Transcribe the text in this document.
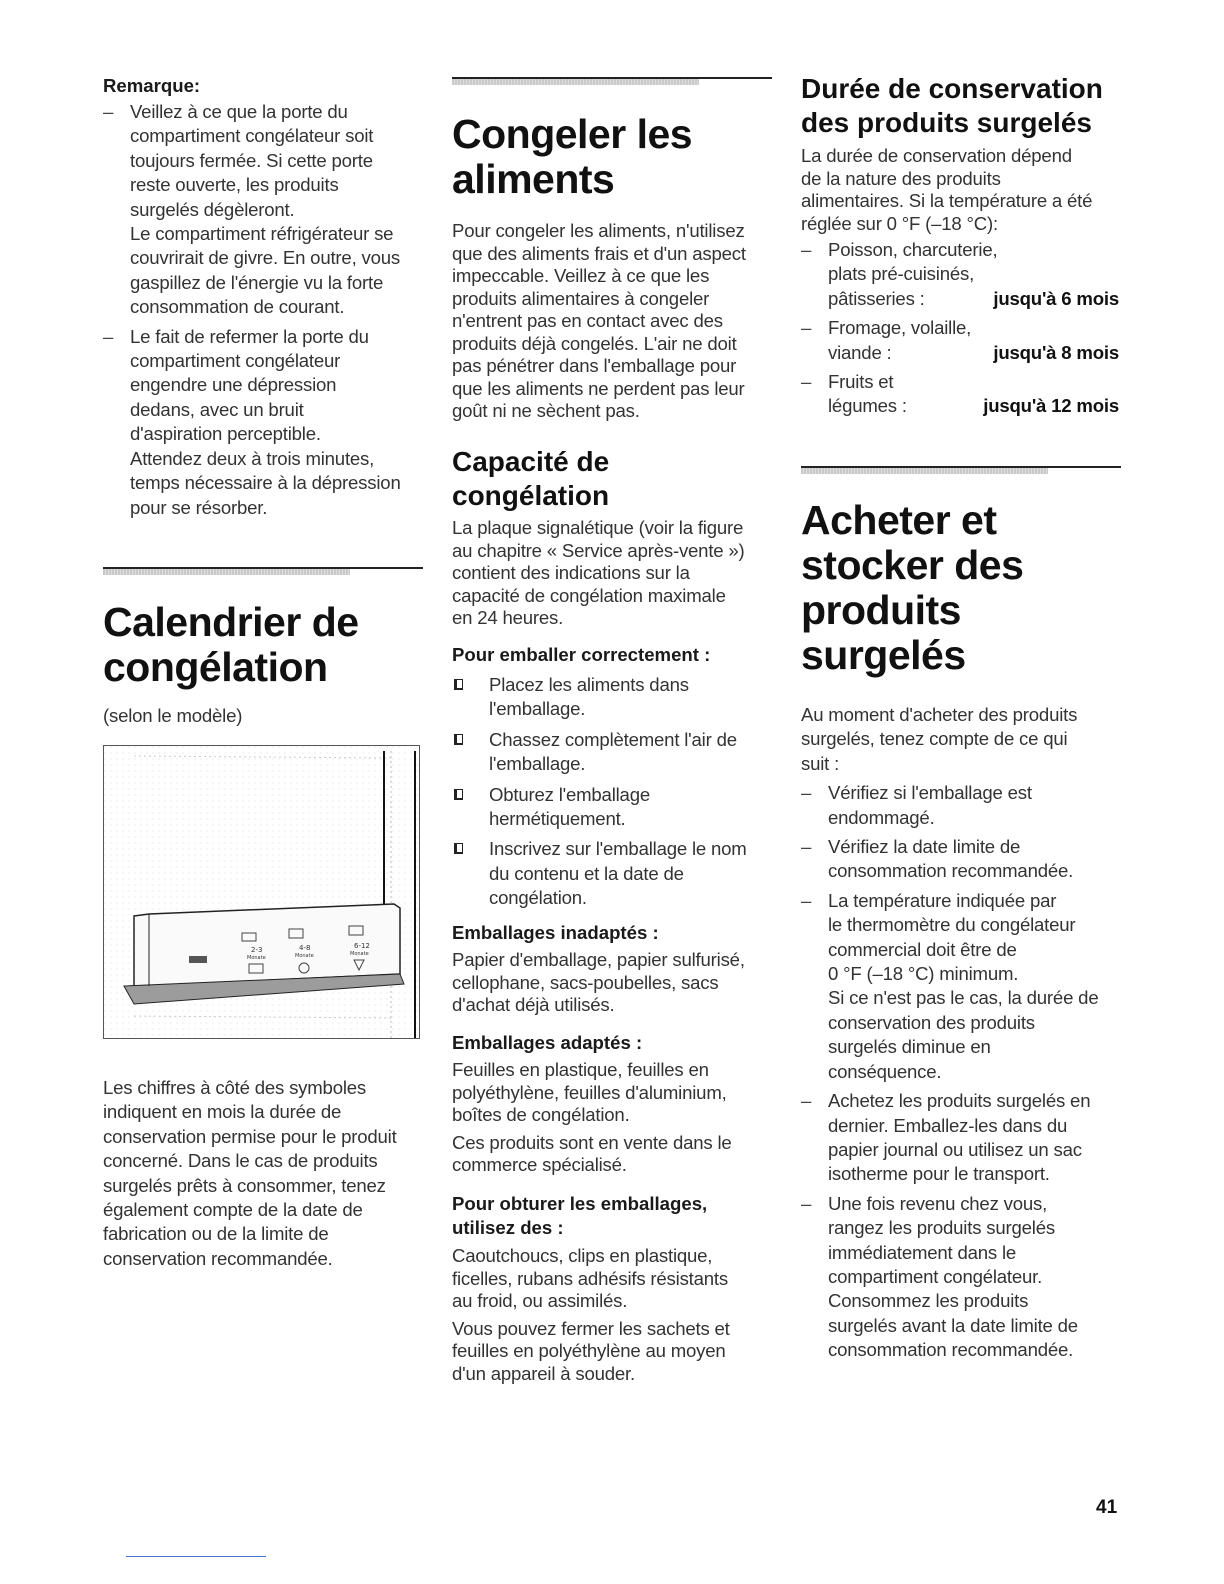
Remarque:

– Veillez à ce que la porte du
compartiment congélateur soit
toujours fermée. Si cette porte
reste ouverte, les produits
surgelés dégèleront.
Le compartiment réfrigérateur se
couvrirait de givre. En outre, vous
gaspillez de l'énergie vu la forte
consommation de courant.
– Le fait de refermer la porte du
compartiment congélateur
engendre une dépression
dedans, avec un bruit
d'aspiration perceptible.
Attendez deux à trois minutes,
temps nécessaire à la dépression
pour se résorber.
Calendrier de
congélation

(selon le modèle)

2-3
Monate
4-8
Monate
6-12
Monate

Les chiffres à côté des symboles
indiquent en mois la durée de
conservation permise pour le produit
concerné. Dans le cas de produits
surgelés prêts à consommer, tenez
également compte de la date de
fabrication ou de la limite de
conservation recommandée.

Congeler les
aliments

Pour congeler les aliments, n'utilisez
que des aliments frais et d'un aspect
impeccable. Veillez à ce que les
produits alimentaires à congeler
n'entrent pas en contact avec des
produits déjà congelés. L'air ne doit
pas pénétrer dans l'emballage pour
que les aliments ne perdent pas leur
goût ni ne sèchent pas.

Capacité de
congélation

La plaque signalétique (voir la figure
au chapitre « Service après-vente »)
contient des indications sur la
capacité de congélation maximale
en 24 heures.

Pour emballer correctement :

Placez les aliments dans
l'emballage.
Chassez complètement l'air de
l'emballage.
Obturez l'emballage
hermétiquement.
Inscrivez sur l'emballage le nom
du contenu et la date de
congélation.

Emballages inadaptés :

Papier d'emballage, papier sulfurisé,
cellophane, sacs-poubelles, sacs
d'achat déjà utilisés.

Emballages adaptés :

Feuilles en plastique, feuilles en
polyéthylène, feuilles d'aluminium,
boîtes de congélation.

Ces produits sont en vente dans le
commerce spécialisé.

Pour obturer les emballages,
utilisez des :

Caoutchoucs, clips en plastique,
ficelles, rubans adhésifs résistants
au froid, ou assimilés.

Vous pouvez fermer les sachets et
feuilles en polyéthylène au moyen
d'un appareil à souder.

Durée de conservation
des produits surgelés

La durée de conservation dépend
de la nature des produits
alimentaires. Si la température a été
réglée sur 0 °F (–18 °C):

– Poisson, charcuterie,
plats pré-cuisinés,
pâtisseries :	jusqu'à 6 mois
– Fromage, volaille,
viande :	jusqu'à 8 mois
– Fruits et
légumes :	jusqu'à 12 mois
Acheter et
stocker des
produits
surgelés

Au moment d'acheter des produits
surgelés, tenez compte de ce qui
suit :

– Vérifiez si l'emballage est
endommagé.
– Vérifiez la date limite de
consommation recommandée.
– La température indiquée par
le thermomètre du congélateur
commercial doit être de
0 °F (–18 °C) minimum.
Si ce n'est pas le cas, la durée de
conservation des produits
surgelés diminue en
conséquence.
– Achetez les produits surgelés en
dernier. Emballez-les dans du
papier journal ou utilisez un sac
isotherme pour le transport.
– Une fois revenu chez vous,
rangez les produits surgelés
immédiatement dans le
compartiment congélateur.
Consommez les produits
surgelés avant la date limite de
consommation recommandée.
41
